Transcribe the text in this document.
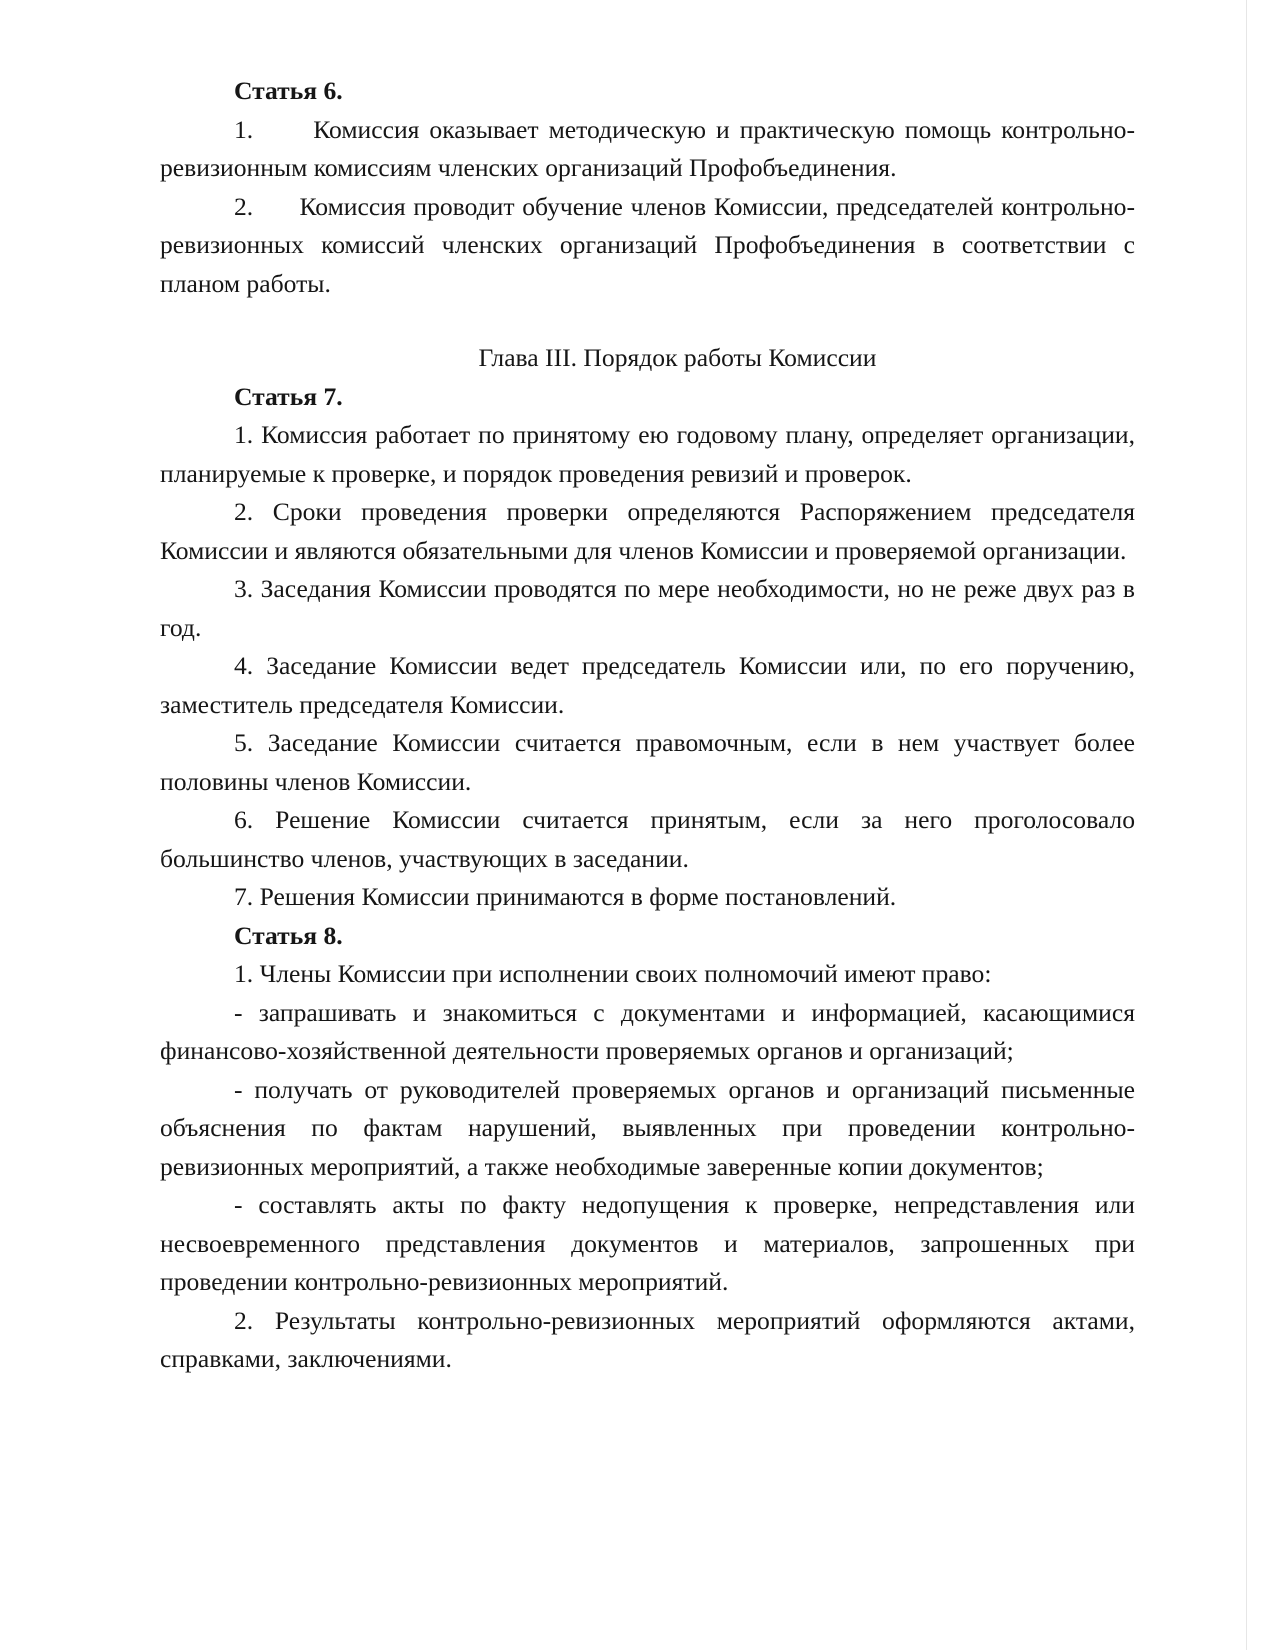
Статья 6.

1.      Комиссия оказывает методическую и практическую помощь контрольно-ревизионным комиссиям членских организаций Профобъединения.

2.      Комиссия проводит обучение членов Комиссии, председателей контрольно-ревизионных комиссий членских организаций Профобъединения в соответствии с планом работы.

Глава III. Порядок работы Комиссии

Статья 7.

1. Комиссия работает по принятому ею годовому плану, определяет организации, планируемые к проверке, и порядок проведения ревизий и проверок.

2. Сроки проведения проверки определяются Распоряжением председателя Комиссии и являются обязательными для членов Комиссии и проверяемой организации.

3. Заседания Комиссии проводятся по мере необходимости, но не реже двух раз в год.

4. Заседание Комиссии ведет председатель Комиссии или, по его поручению, заместитель председателя Комиссии.

5. Заседание Комиссии считается правомочным, если в нем участвует более половины членов Комиссии.

6. Решение Комиссии считается принятым, если за него проголосовало большинство членов, участвующих в заседании.

7. Решения Комиссии принимаются в форме постановлений.

Статья 8.

1. Члены Комиссии при исполнении своих полномочий имеют право:

- запрашивать и знакомиться с документами и информацией, касающимися финансово-хозяйственной деятельности проверяемых органов и организаций;

- получать от руководителей проверяемых органов и организаций письменные объяснения по фактам нарушений, выявленных при проведении контрольно-ревизионных мероприятий, а также необходимые заверенные копии документов;

- составлять акты по факту недопущения к проверке, непредставления или несвоевременного представления документов и материалов, запрошенных при проведении контрольно-ревизионных мероприятий.

2. Результаты контрольно-ревизионных мероприятий оформляются актами, справками, заключениями.
